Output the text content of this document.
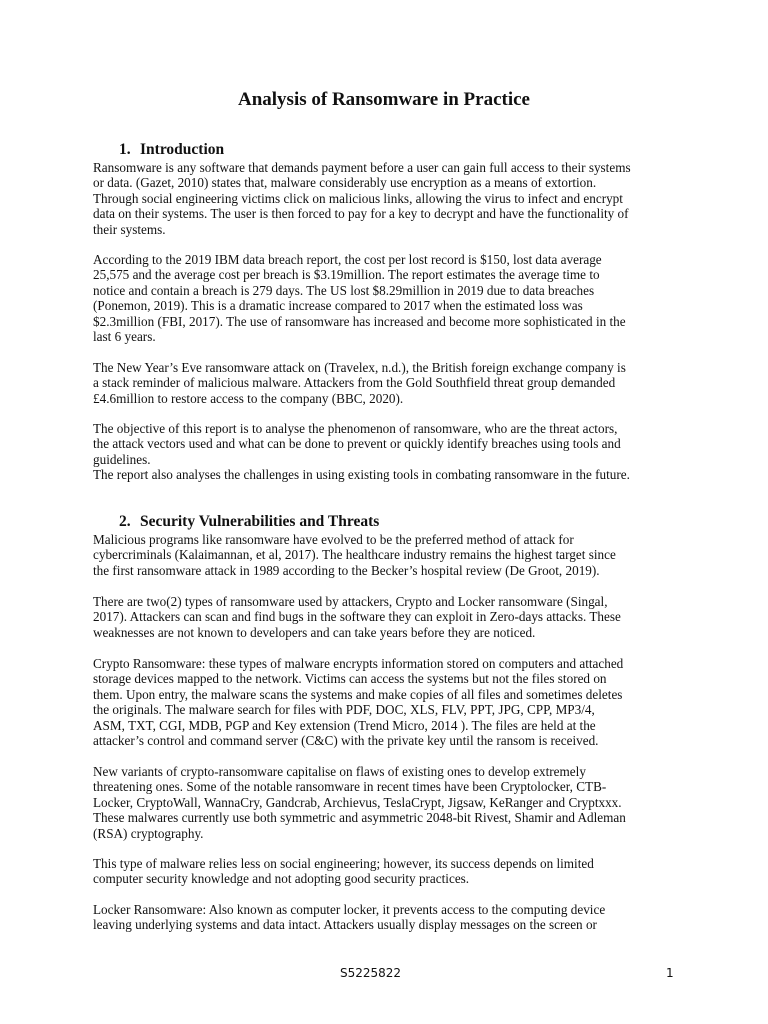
Analysis of Ransomware in Practice
1. Introduction
Ransomware is any software that demands payment before a user can gain full access to their systems
or data. (Gazet, 2010) states that, malware considerably use encryption as a means of extortion.
Through social engineering victims click on malicious links, allowing the virus to infect and encrypt
data on their systems. The user is then forced to pay for a key to decrypt and have the functionality of
their systems.
According to the 2019 IBM data breach report, the cost per lost record is $150, lost data average
25,575 and the average cost per breach is $3.19million. The report estimates the average time to
notice and contain a breach is 279 days. The US lost $8.29million in 2019 due to data breaches
(Ponemon, 2019). This is a dramatic increase compared to 2017 when the estimated loss was
$2.3million (FBI, 2017). The use of ransomware has increased and become more sophisticated in the
last 6 years.
The New Year’s Eve ransomware attack on (Travelex, n.d.), the British foreign exchange company is
a stack reminder of malicious malware. Attackers from the Gold Southfield threat group demanded
£4.6million to restore access to the company (BBC, 2020).
The objective of this report is to analyse the phenomenon of ransomware, who are the threat actors,
the attack vectors used and what can be done to prevent or quickly identify breaches using tools and
guidelines.
The report also analyses the challenges in using existing tools in combating ransomware in the future.
2. Security Vulnerabilities and Threats
Malicious programs like ransomware have evolved to be the preferred method of attack for
cybercriminals (Kalaimannan, et al, 2017). The healthcare industry remains the highest target since
the first ransomware attack in 1989 according to the Becker’s hospital review (De Groot, 2019).
There are two(2) types of ransomware used by attackers, Crypto and Locker ransomware (Singal,
2017). Attackers can scan and find bugs in the software they can exploit in Zero-days attacks. These
weaknesses are not known to developers and can take years before they are noticed.
Crypto Ransomware: these types of malware encrypts information stored on computers and attached
storage devices mapped to the network. Victims can access the systems but not the files stored on
them. Upon entry, the malware scans the systems and make copies of all files and sometimes deletes
the originals. The malware search for files with PDF, DOC, XLS, FLV, PPT, JPG, CPP, MP3/4,
ASM, TXT, CGI, MDB, PGP and Key extension (Trend Micro, 2014 ). The files are held at the
attacker’s control and command server (C&C) with the private key until the ransom is received.
New variants of crypto-ransomware capitalise on flaws of existing ones to develop extremely
threatening ones. Some of the notable ransomware in recent times have been Cryptolocker, CTB-
Locker, CryptoWall, WannaCry, Gandcrab, Archievus, TeslaCrypt, Jigsaw, KeRanger and Cryptxxx.
These malwares currently use both symmetric and asymmetric 2048-bit Rivest, Shamir and Adleman
(RSA) cryptography.
This type of malware relies less on social engineering; however, its success depends on limited
computer security knowledge and not adopting good security practices.
Locker Ransomware: Also known as computer locker, it prevents access to the computing device
leaving underlying systems and data intact. Attackers usually display messages on the screen or
S5225822	1
